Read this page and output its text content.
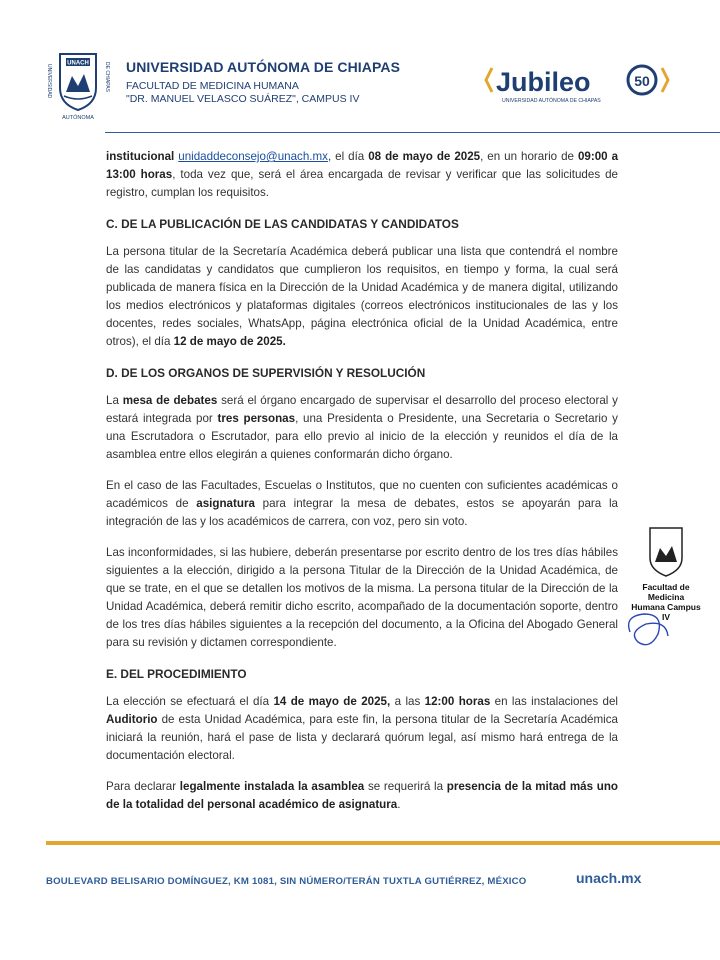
UNACH
UNIVERSIDAD	DE CHIAPAS
AUTÓNOMA
UNIVERSIDAD AUTÓNOMA DE CHIAPAS
FACULTAD DE MEDICINA HUMANA
"DR. MANUEL VELASCO SUÁREZ", CAMPUS IV
Jubileo	50
UNIVERSIDAD AUTÓNOMA DE CHIAPAS

institucional unidaddeconsejo@unach.mx, el día 08 de mayo de 2025, en un horario de 09:00 a 13:00 horas, toda vez que, será el área encargada de revisar y verificar que las solicitudes de registro, cumplan los requisitos.

C. DE LA PUBLICACIÓN DE LAS CANDIDATAS Y CANDIDATOS

La persona titular de la Secretaría Académica deberá publicar una lista que contendrá el nombre de las candidatas y candidatos que cumplieron los requisitos, en tiempo y forma, la cual será publicada de manera física en la Dirección de la Unidad Académica y de manera digital, utilizando los medios electrónicos y plataformas digitales (correos electrónicos institucionales de las y los docentes, redes sociales, WhatsApp, página electrónica oficial de la Unidad Académica, entre otros), el día 12 de mayo de 2025.

D. DE LOS ORGANOS DE SUPERVISIÓN Y RESOLUCIÓN

La mesa de debates será el órgano encargado de supervisar el desarrollo del proceso electoral y estará integrada por tres personas, una Presidenta o Presidente, una Secretaria o Secretario y una Escrutadora o Escrutador, para ello previo al inicio de la elección y reunidos el día de la asamblea entre ellos elegirán a quienes conformarán dicho órgano.

En el caso de las Facultades, Escuelas o Institutos, que no cuenten con suficientes académicas o académicos de asignatura para integrar la mesa de debates, estos se apoyarán para la integración de las y los académicos de carrera, con voz, pero sin voto.

Las inconformidades, si las hubiere, deberán presentarse por escrito dentro de los tres días hábiles siguientes a la elección, dirigido a la persona Titular de la Dirección de la Unidad Académica, de que se trate, en el que se detallen los motivos de la misma. La persona titular de la Dirección de la Unidad Académica, deberá remitir dicho escrito, acompañado de la documentación soporte, dentro de los tres días hábiles siguientes a la recepción del documento, a la Oficina del Abogado General para su revisión y dictamen correspondiente.

E. DEL PROCEDIMIENTO

La elección se efectuará el día 14 de mayo de 2025, a las 12:00 horas en las instalaciones del Auditorio de esta Unidad Académica, para este fin, la persona titular de la Secretaría Académica iniciará la reunión, hará el pase de lista y declarará quórum legal, así mismo hará entrega de la documentación electoral.

Para declarar legalmente instalada la asamblea se requerirá la presencia de la mitad más uno de la totalidad del personal académico de asignatura.

Facultad de
Medicina
Humana Campus
IV
BOULEVARD BELISARIO DOMÍNGUEZ, KM 1081, SIN NÚMERO/TERÁN TUXTLA GUTIÉRREZ, MÉXICO	unach.mx
